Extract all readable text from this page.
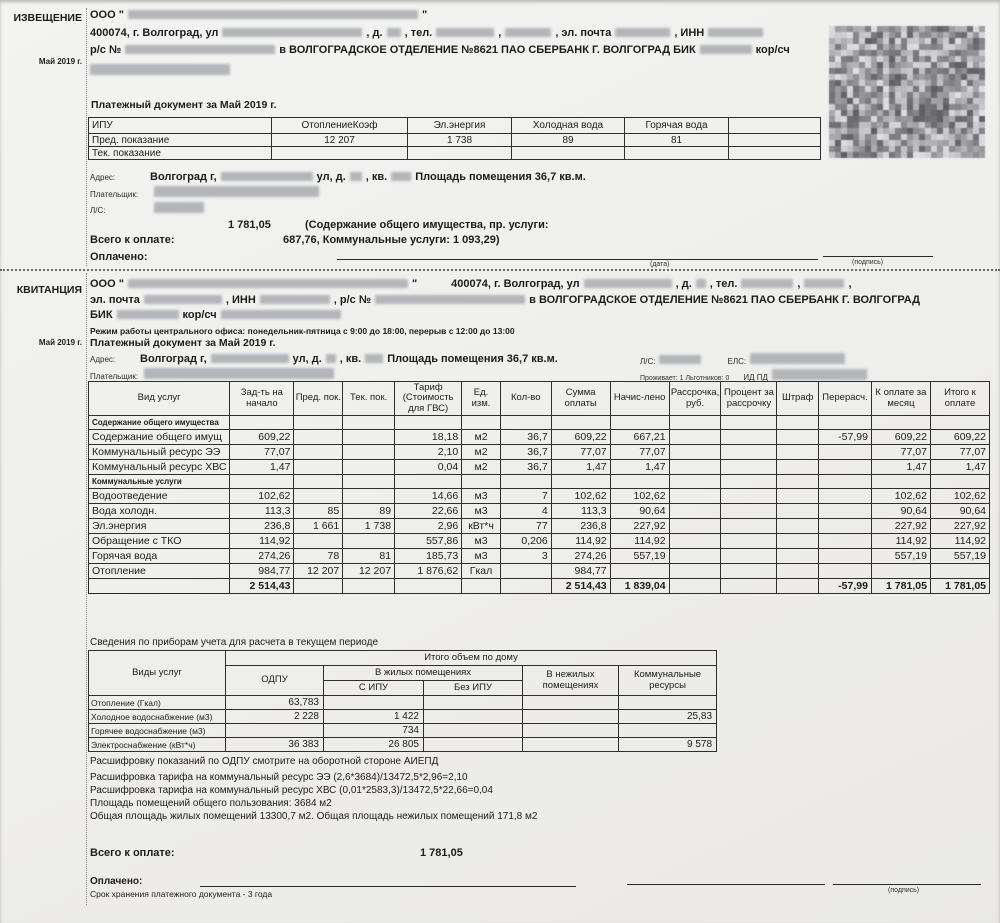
ИЗВЕЩЕНИЕ
Май 2019 г.
КВИТАНЦИЯ
Май 2019 г.
ООО "	"
400074, г. Волгоград, ул	, д. , тел.	,	, эл. почта	, ИНН
р/с №	в ВОЛГОГРАДСКОЕ ОТДЕЛЕНИЕ №8621 ПАО СБЕРБАНК Г. ВОЛГОГРАД БИК	кор/сч
Платежный документ за Май 2019 г.
ИПУ	ОтоплениеКоэф	Эл.энергия	Холодная вода	Горячая вода	
Пред. показание	12 207	1 738	89	81	
Тек. показание					
Адрес:	Волгоград г,	ул, д. , кв.	Площадь помещения 36,7 кв.м.
Плательщик:
Л/С:
1 781,05	(Содержание общего имущества, пр. услуги:
687,76, Коммунальные услуги: 1 093,29)
Всего к оплате:
Оплачено:
(дата)	(подпись)
ООО "	"	400074, г. Волгоград, ул	, д. , тел.	,	,
эл. почта	, ИНН	, р/с №	в ВОЛГОГРАДСКОЕ ОТДЕЛЕНИЕ №8621 ПАО СБЕРБАНК Г. ВОЛГОГРАД
БИК	кор/сч
Режим работы центрального офиса: понедельник-пятница с 9:00 до 18:00, перерыв с 12:00 до 13:00
Платежный документ за Май 2019 г.
Адрес:	Волгоград г,	ул, д. , кв. Площадь помещения 36,7 кв.м.
Плательщик:
Л/С:	ЕЛС:
Проживает: 1 Льготников: 0 ИД ПД
Вид услуг	Зад-ть на начало	Пред. пок.	Тек. пок.	Тариф (Стоимость для ГВС)	Ед. изм.	Кол-во	Сумма оплаты	Начис-лено	Рассрочка, руб.	Процент за рассрочку	Штраф	Перерасч.	К оплате за месяц	Итого к оплате
Содержание общего имущества														
Содержание общего имущ	609,22			18,18	м2	36,7	609,22	667,21				-57,99	609,22	609,22
Коммунальный ресурс ЭЭ	77,07			2,10	м2	36,7	77,07	77,07					77,07	77,07
Коммунальный ресурс ХВС	1,47			0,04	м2	36,7	1,47	1,47					1,47	1,47
Коммунальные услуги														
Водоотведение	102,62			14,66	м3	7	102,62	102,62					102,62	102,62
Вода холодн.	113,3	85	89	22,66	м3	4	113,3	90,64					90,64	90,64
Эл.энергия	236,8	1 661	1 738	2,96	кВт*ч	77	236,8	227,92					227,92	227,92
Обращение с ТКО	114,92			557,86	м3	0,206	114,92	114,92					114,92	114,92
Горячая вода	274,26	78	81	185,73	м3	3	274,26	557,19					557,19	557,19
Отопление	984,77	12 207	12 207	1 876,62	Гкал		984,77							
	2 514,43						2 514,43	1 839,04				-57,99	1 781,05	1 781,05
Сведения по приборам учета для расчета в текущем периоде
Виды услуг	Итого объем по дому				
	ОДПУ	В жилых помещениях		В нежилых помещениях	Коммунальные ресурсы
		С ИПУ	Без ИПУ		
Отопление (Гкал)	63,783				
Холодное водоснабжение (м3)	2 228	1 422			25,83
Горячее водоснабжение (м3)		734			
Электроснабжение (кВт*ч)	36 383	26 805			9 578
Расшифровку показаний по ОДПУ смотрите на оборотной стороне АИЕПД
Расшифровка тарифа на коммунальный ресурс ЭЭ (2,6*3684)/13472,5*2,96=2,10
Расшифровка тарифа на коммунальный ресурс ХВС (0,01*2583,3)/13472,5*22,66=0,04
Площадь помещений общего пользования: 3684 м2
Общая площадь жилых помещений 13300,7 м2. Общая площадь нежилых помещений 171,8 м2
Всего к оплате:	1 781,05
Оплачено:
(подпись)
Срок хранения платежного документа - 3 года
